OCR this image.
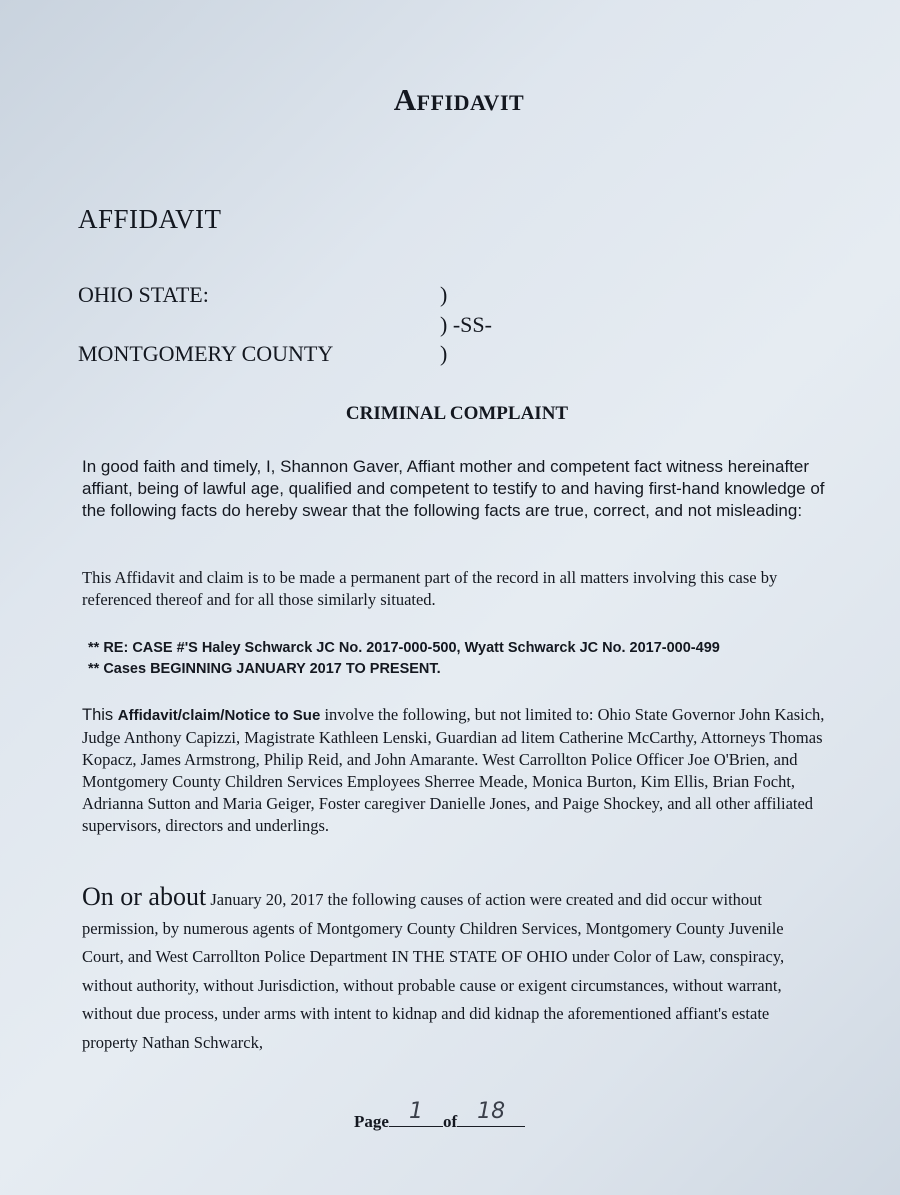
Affidavit
AFFIDAVIT
OHIO STATE:
MONTGOMERY COUNTY
)
) -SS-
)
CRIMINAL COMPLAINT
In good faith and timely, I, Shannon Gaver, Affiant mother and competent fact witness hereinafter affiant, being of lawful age, qualified and competent to testify to and having first-hand knowledge of the following facts do hereby swear that the following facts are true, correct, and not misleading:
This Affidavit and claim is to be made a permanent part of the record in all matters involving this case by referenced thereof and for all those similarly situated.
** RE: CASE #'S Haley Schwarck JC No. 2017-000-500, Wyatt Schwarck JC No. 2017-000-499
** Cases BEGINNING JANUARY 2017 TO PRESENT.
This Affidavit/claim/Notice to Sue involve the following, but not limited to: Ohio State Governor John Kasich, Judge Anthony Capizzi, Magistrate Kathleen Lenski, Guardian ad litem Catherine McCarthy, Attorneys Thomas Kopacz, James Armstrong, Philip Reid, and John Amarante. West Carrollton Police Officer Joe O'Brien, and Montgomery County Children Services Employees Sherree Meade, Monica Burton, Kim Ellis, Brian Focht, Adrianna Sutton and Maria Geiger, Foster caregiver Danielle Jones, and Paige Shockey, and all other affiliated supervisors, directors and underlings.
On or about January 20, 2017 the following causes of action were created and did occur without permission, by numerous agents of Montgomery County Children Services, Montgomery County Juvenile Court, and West Carrollton Police Department IN THE STATE OF OHIO under Color of Law, conspiracy, without authority, without Jurisdiction, without probable cause or exigent circumstances, without warrant, without due process, under arms with intent to kidnap and did kidnap the aforementioned affiant's estate property Nathan Schwarck,
Page 1	of 18
